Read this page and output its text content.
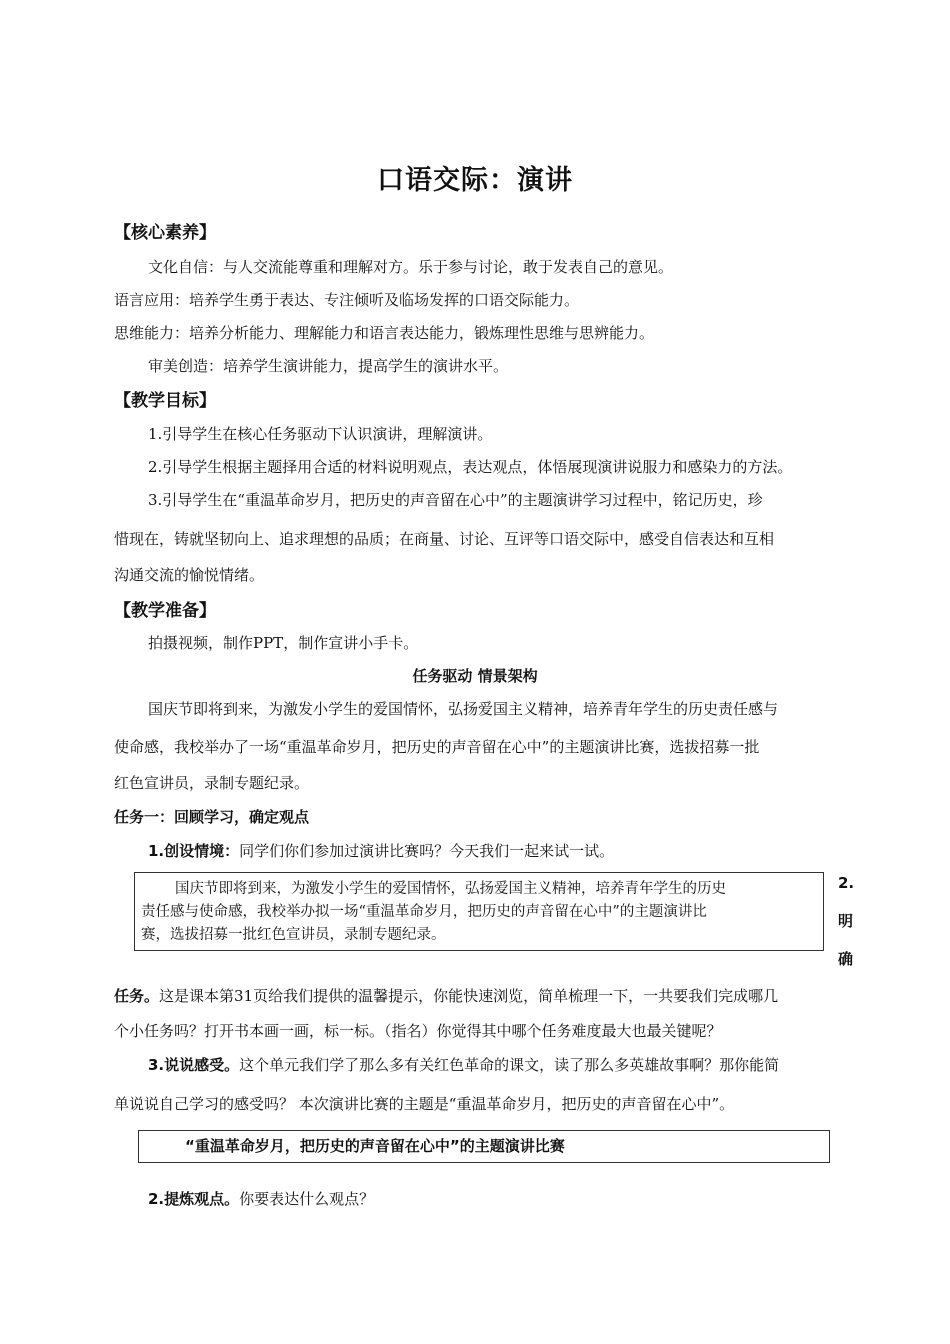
口语交际：演讲
【核心素养】
文化自信：与人交流能尊重和理解对方。乐于参与讨论，敢于发表自己的意见。
语言应用：培养学生勇于表达、专注倾听及临场发挥的口语交际能力。
思维能力：培养分析能力、理解能力和语言表达能力，锻炼理性思维与思辨能力。
审美创造：培养学生演讲能力，提高学生的演讲水平。
【教学目标】
1.引导学生在核心任务驱动下认识演讲，理解演讲。
2.引导学生根据主题择用合适的材料说明观点，表达观点，体悟展现演讲说服力和感染力的方法。
3.引导学生在“重温革命岁月，把历史的声音留在心中”的主题演讲学习过程中，铭记历史，珍
惜现在，铸就坚韧向上、追求理想的品质；在商量、讨论、互评等口语交际中，感受自信表达和互相
沟通交流的愉悦情绪。
【教学准备】
拍摄视频，制作PPT，制作宣讲小手卡。
任务驱动 情景架构
国庆节即将到来，为激发小学生的爱国情怀，弘扬爱国主义精神，培养青年学生的历史责任感与
使命感，我校举办了一场“重温革命岁月，把历史的声音留在心中”的主题演讲比赛，选拔招募一批
红色宣讲员，录制专题纪录。
任务一：回顾学习，确定观点
1.创设情境：同学们你们参加过演讲比赛吗？今天我们一起来试一试。
国庆节即将到来，为激发小学生的爱国情怀，弘扬爱国主义精神，培养青年学生的历史
责任感与使命感，我校举办拟一场“重温革命岁月，把历史的声音留在心中”的主题演讲比
赛，选拔招募一批红色宣讲员，录制专题纪录。
2.
明
确
任务。这是课本第31页给我们提供的温馨提示，你能快速浏览，简单梳理一下，一共要我们完成哪几
个小任务吗？打开书本画一画，标一标。（指名）你觉得其中哪个任务难度最大也最关键呢？
3.说说感受。这个单元我们学了那么多有关红色革命的课文，读了那么多英雄故事啊？那你能简
单说说自己学习的感受吗？ 本次演讲比赛的主题是“重温革命岁月，把历史的声音留在心中”。
“重温革命岁月，把历史的声音留在心中”的主题演讲比赛
2.提炼观点。你要表达什么观点？
